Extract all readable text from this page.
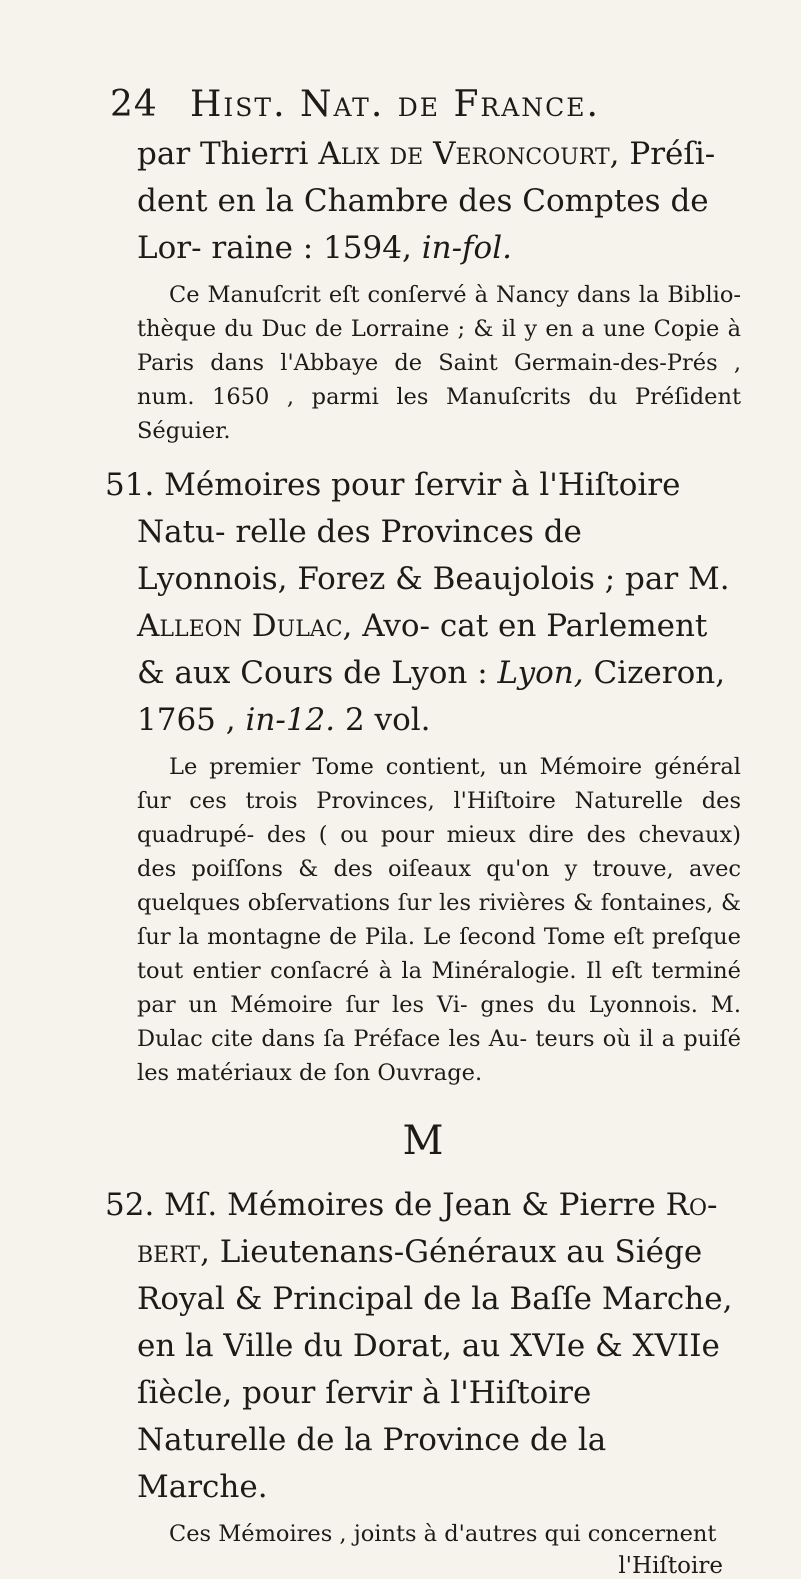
24 Hist. Nat. de France.
par Thierri Alix de Veroncourt, Préſi- dent en la Chambre des Comptes de Lor- raine : 1594, in-fol.

Ce Manuſcrit eſt conſervé à Nancy dans la Biblio- thèque du Duc de Lorraine ; & il y en a une Copie à Paris dans l'Abbaye de Saint Germain-des-Prés , num. 1650 , parmi les Manuſcrits du Préſident Séguier.

51. Mémoires pour ſervir à l'Hiſtoire Natu- relle des Provinces de Lyonnois, Forez & Beaujolois ; par M. Alleon Dulac, Avo- cat en Parlement & aux Cours de Lyon : Lyon, Cizeron, 1765 , in-12. 2 vol.

Le premier Tome contient, un Mémoire général ſur ces trois Provinces, l'Hiſtoire Naturelle des quadrupé- des ( ou pour mieux dire des chevaux) des poiſſons & des oiſeaux qu'on y trouve, avec quelques obſervations ſur les rivières & fontaines, & ſur la montagne de Pila. Le ſecond Tome eſt preſque tout entier conſacré à la Minéralogie. Il eſt terminé par un Mémoire ſur les Vi- gnes du Lyonnois. M. Dulac cite dans ſa Préface les Au- teurs où il a puiſé les matériaux de ſon Ouvrage.

M

52. Mſ. Mémoires de Jean & Pierre Ro- bert, Lieutenans-Généraux au Siége Royal & Principal de la Baſſe Marche, en la Ville du Dorat, au XVIe & XVIIe ſiècle, pour ſervir à l'Hiſtoire Naturelle de la Province de la Marche.

Ces Mémoires , joints à d'autres qui concernent

l'Hiſtoire
